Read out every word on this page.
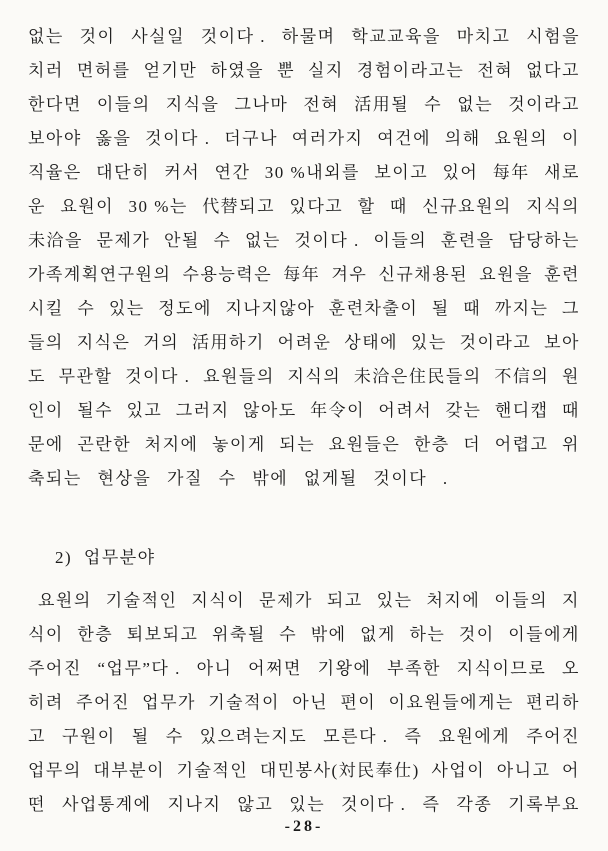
없는 것이 사실일 것이다 . 하물며 학교교육을 마치고 시험을
치러 면허를 얻기만 하였을 뿐 실지 경험이라고는 전혀 없다고
한다면 이들의 지식을 그나마 전혀 活用될 수 없는 것이라고
보아야 옳을 것이다 . 더구나 여러가지 여건에 의해 요원의 이
직율은 대단히 커서 연간 30 %내외를 보이고 있어 每年 새로
운 요원이 30 %는 代替되고 있다고 할 때 신규요원의 지식의
未洽을 문제가 안될 수 없는 것이다 . 이들의 훈련을 담당하는
가족계획연구원의 수용능력은 每年 겨우 신규채용된 요원을 훈련
시킬 수 있는 정도에 지나지않아 훈련차출이 될 때 까지는 그
들의 지식은 거의 活用하기 어려운 상태에 있는 것이라고 보아
도 무관할 것이다 . 요원들의 지식의 未洽은住民들의 不信의 원
인이 될수 있고 그러지 않아도 年令이 어려서 갖는 핸디캡 때
문에 곤란한 처지에 놓이게 되는 요원들은 한층 더 어렵고 위
축되는 현상을 가질 수 밖에 없게될 것이다 .
2) 업무분야
요원의 기술적인 지식이 문제가 되고 있는 처지에 이들의 지
식이 한층 퇴보되고 위축될 수 밖에 없게 하는 것이 이들에게
주어진 “업무”다 . 아니 어쩌면 기왕에 부족한 지식이므로 오
히려 주어진 업무가 기술적이 아닌 편이 이요원들에게는 편리하
고 구원이 될 수 있으려는지도 모른다 . 즉 요원에게 주어진
업무의 대부분이 기술적인 대민봉사(対民奉仕) 사업이 아니고 어
떤 사업통계에 지나지 않고 있는 것이다 . 즉 각종 기록부요
-28-
